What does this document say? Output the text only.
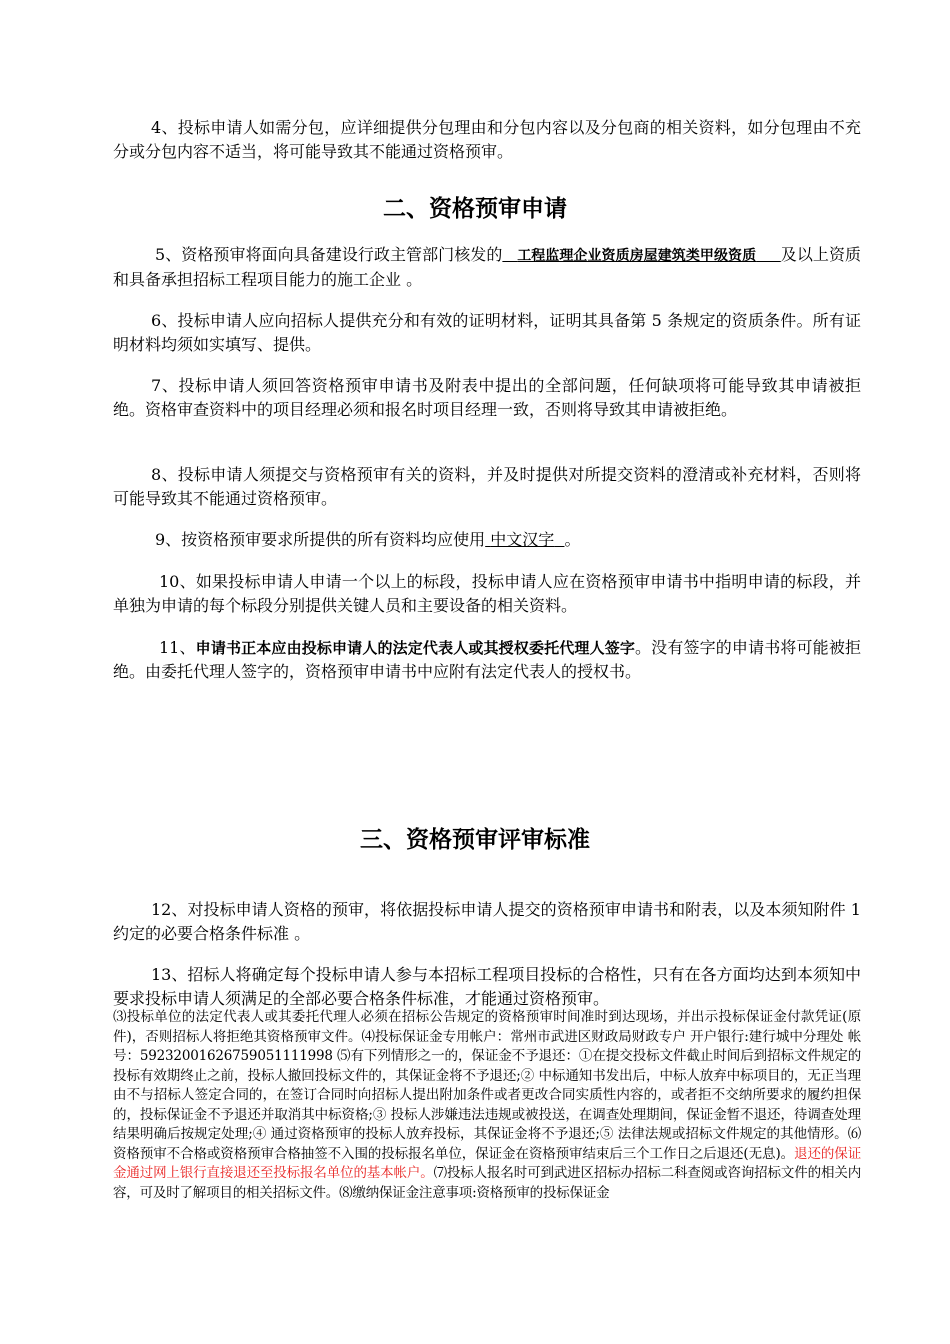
4、投标申请人如需分包，应详细提供分包理由和分包内容以及分包商的相关资料，如分包理由不充分或分包内容不适当，将可能导致其不能通过资格预审。

二、资格预审申请

5、资格预审将面向具备建设行政主管部门核发的 工程监理企业资质房屋建筑类甲级资质 及以上资质和具备承担招标工程项目能力的施工企业 。

6、投标申请人应向招标人提供充分和有效的证明材料，证明其具备第 5 条规定的资质条件。所有证明材料均须如实填写、提供。

7、投标申请人须回答资格预审申请书及附表中提出的全部问题，任何缺项将可能导致其申请被拒绝。资格审查资料中的项目经理必须和报名时项目经理一致，否则将导致其申请被拒绝。

8、投标申请人须提交与资格预审有关的资料，并及时提供对所提交资料的澄清或补充材料，否则将可能导致其不能通过资格预审。

9、按资格预审要求所提供的所有资料均应使用 中文汉字 。

10、如果投标申请人申请一个以上的标段，投标申请人应在资格预审申请书中指明申请的标段，并单独为申请的每个标段分别提供关键人员和主要设备的相关资料。

11、申请书正本应由投标申请人的法定代表人或其授权委托代理人签字。没有签字的申请书将可能被拒绝。由委托代理人签字的，资格预审申请书中应附有法定代表人的授权书。

三、资格预审评审标准

12、对投标申请人资格的预审，将依据投标申请人提交的资格预审申请书和附表，以及本须知附件 1 约定的必要合格条件标准 。

13、招标人将确定每个投标申请人参与本招标工程项目投标的合格性，只有在各方面均达到本须知中要求投标申请人须满足的全部必要合格条件标准，才能通过资格预审。

⑶投标单位的法定代表人或其委托代理人必须在招标公告规定的资格预审时间准时到达现场，并出示投标保证金付款凭证(原件)，否则招标人将拒绝其资格预审文件。⑷投标保证金专用帐户：常州市武进区财政局财政专户 开户银行:建行城中分理处 帐号：59232001626759051111998 ⑸有下列情形之一的，保证金不予退还：①在提交投标文件截止时间后到招标文件规定的投标有效期终止之前，投标人撤回投标文件的，其保证金将不予退还;② 中标通知书发出后，中标人放弃中标项目的，无正当理由不与招标人签定合同的，在签订合同时向招标人提出附加条件或者更改合同实质性内容的，或者拒不交纳所要求的履约担保的，投标保证金不予退还并取消其中标资格;③ 投标人涉嫌违法违规或被投送，在调查处理期间，保证金暂不退还，待调查处理结果明确后按规定处理;④ 通过资格预审的投标人放弃投标，其保证金将不予退还;⑤ 法律法规或招标文件规定的其他情形。⑹资格预审不合格或资格预审合格抽签不入围的投标报名单位，保证金在资格预审结束后三个工作日之后退还(无息)。退还的保证金通过网上银行直接退还至投标报名单位的基本帐户。⑺投标人报名时可到武进区招标办招标二科查阅或咨询招标文件的相关内容，可及时了解项目的相关招标文件。⑻缴纳保证金注意事项:资格预审的投标保证金
